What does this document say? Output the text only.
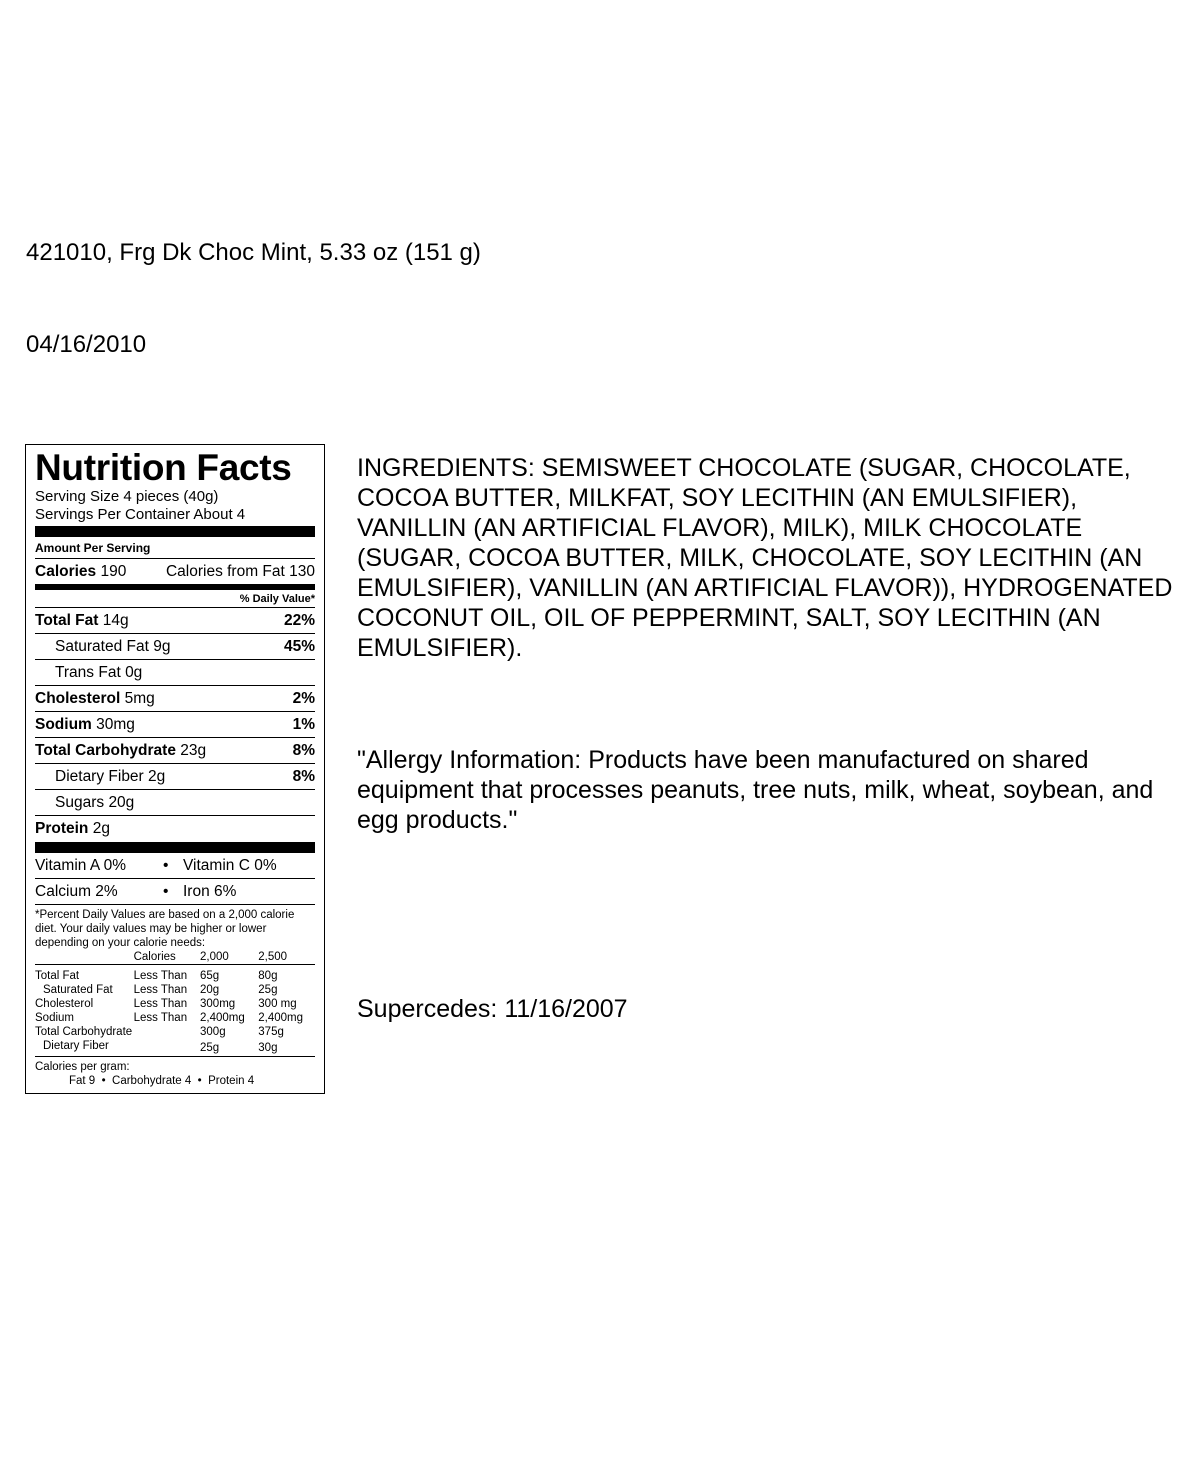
421010, Frg Dk Choc Mint, 5.33 oz (151 g)
04/16/2010
Nutrition Facts
Serving Size 4 pieces (40g)
Servings Per Container About 4
Amount Per Serving
Calories 190	Calories from Fat 130
% Daily Value*
Total Fat 14g	22%
Saturated Fat 9g	45%
Trans Fat 0g
Cholesterol 5mg	2%
Sodium 30mg	1%
Total Carbohydrate 23g	8%
Dietary Fiber 2g	8%
Sugars 20g
Protein 2g
Vitamin A 0%	• Vitamin C 0%
Calcium 2%	• Iron 6%
*Percent Daily Values are based on a 2,000 calorie diet. Your daily values may be higher or lower depending on your calorie needs:
	Calories	2,000	2,500

Total Fat	Less Than	65g	80g
Saturated Fat	Less Than	20g	25g
Cholesterol	Less Than	300mg	300 mg
Sodium	Less Than	2,400mg	2,400mg
Total Carbohydrate		300g	375g
Dietary Fiber		25g	30g
Calories per gram:
Fat 9  •  Carbohydrate 4  •  Protein 4
INGREDIENTS: SEMISWEET CHOCOLATE (SUGAR, CHOCOLATE, COCOA BUTTER, MILKFAT, SOY LECITHIN (AN EMULSIFIER), VANILLIN (AN ARTIFICIAL FLAVOR), MILK), MILK CHOCOLATE (SUGAR, COCOA BUTTER, MILK, CHOCOLATE, SOY LECITHIN (AN EMULSIFIER), VANILLIN (AN ARTIFICIAL FLAVOR)), HYDROGENATED COCONUT OIL, OIL OF PEPPERMINT, SALT, SOY LECITHIN (AN EMULSIFIER).
"Allergy Information: Products have been manufactured on shared equipment that processes peanuts, tree nuts, milk, wheat, soybean, and egg products."
Supercedes: 11/16/2007
